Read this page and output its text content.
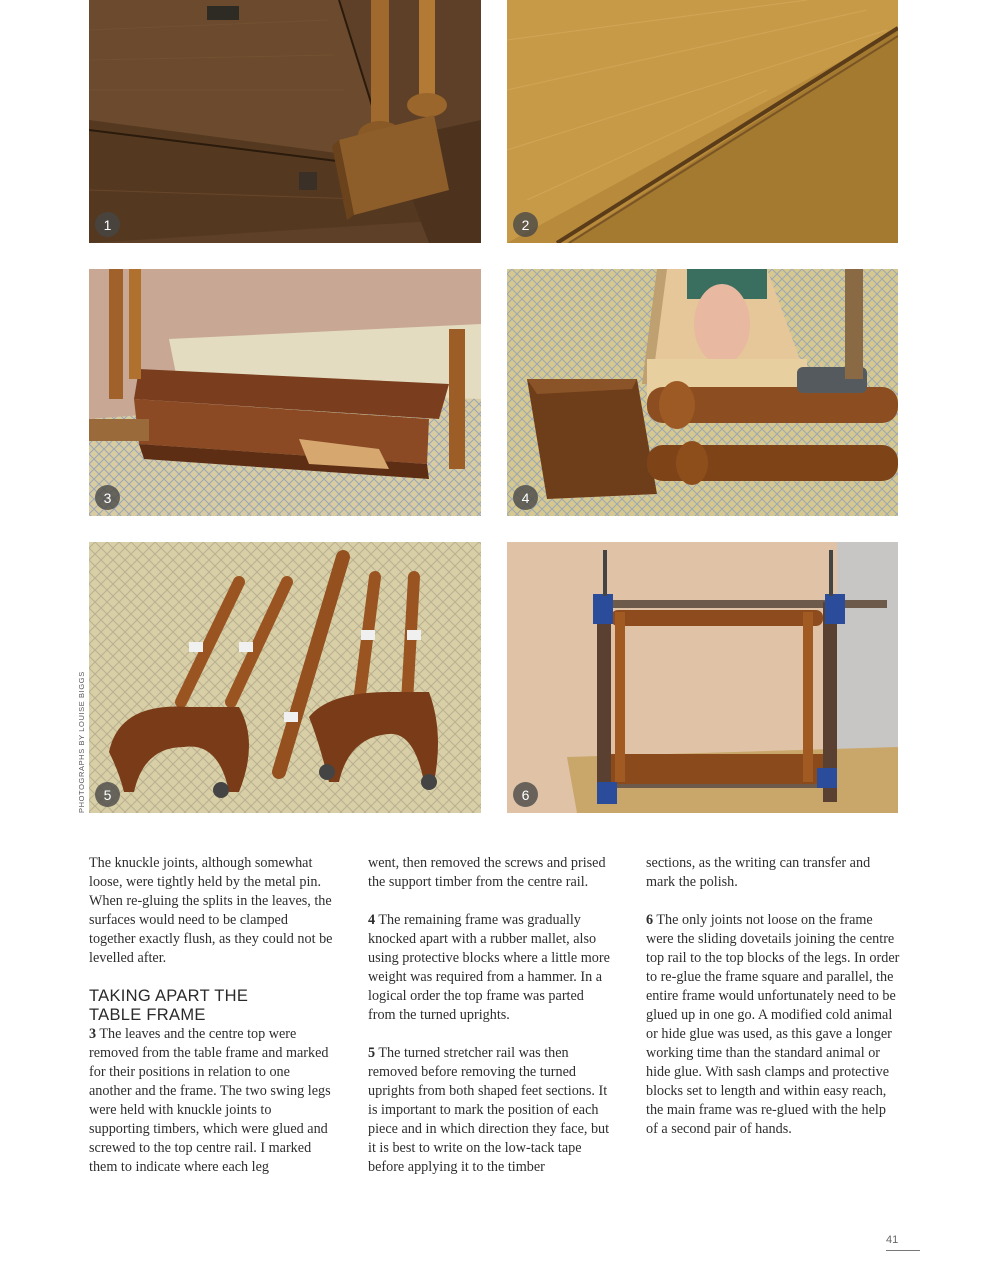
1	2
3	4
5	6
PHOTOGRAPHS BY LOUISE BIGGS

The knuckle joints, although somewhat loose, were tightly held by the metal pin. When re-gluing the splits in the leaves, the surfaces would need to be clamped together exactly flush, as they could not be levelled after.

TAKING APART THE TABLE FRAME

3 The leaves and the centre top were removed from the table frame and marked for their positions in relation to one another and the frame. The two swing legs were held with knuckle joints to supporting timbers, which were glued and screwed to the top centre rail. I marked them to indicate where each leg

went, then removed the screws and prised the support timber from the centre rail.

4 The remaining frame was gradually knocked apart with a rubber mallet, also using protective blocks where a little more weight was required from a hammer. In a logical order the top frame was parted from the turned uprights.

5 The turned stretcher rail was then removed before removing the turned uprights from both shaped feet sections. It is important to mark the position of each piece and in which direction they face, but it is best to write on the low-tack tape before applying it to the timber

sections, as the writing can transfer and mark the polish.

6 The only joints not loose on the frame were the sliding dovetails joining the centre top rail to the top blocks of the legs. In order to re-glue the frame square and parallel, the entire frame would unfortunately need to be glued up in one go. A modified cold animal or hide glue was used, as this gave a longer working time than the standard animal or hide glue. With sash clamps and protective blocks set to length and within easy reach, the main frame was re-glued with the help of a second pair of hands.

41
